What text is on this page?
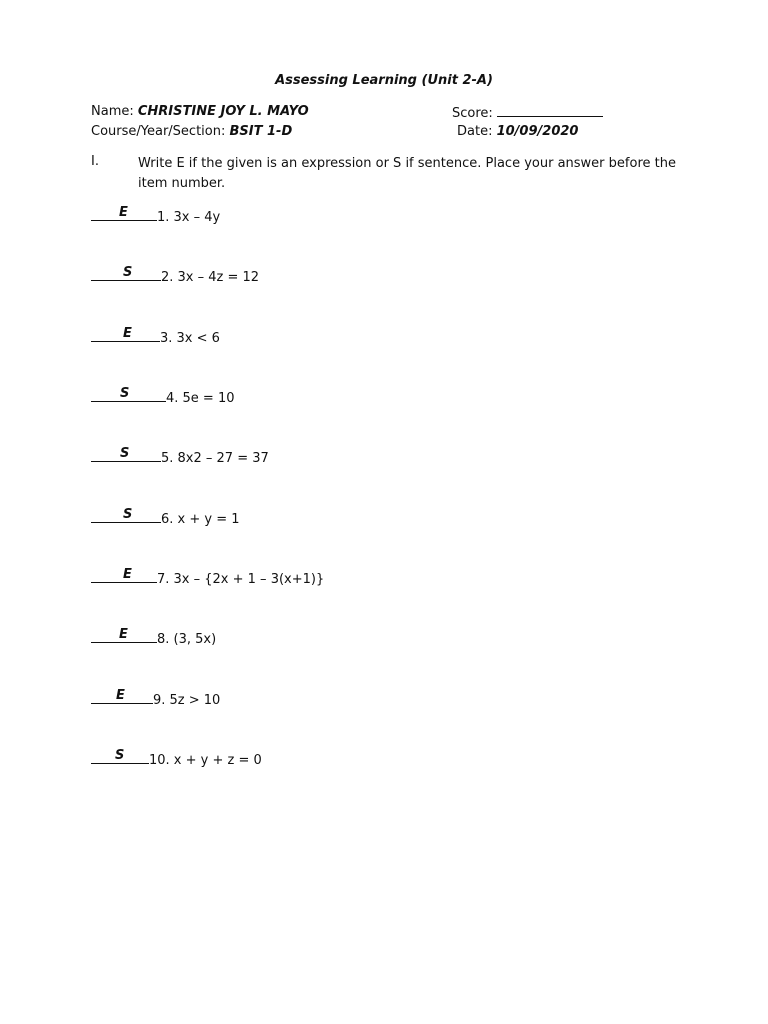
Assessing Learning (Unit 2-A)
Name: CHRISTINE JOY L. MAYO	Score:
Course/Year/Section: BSIT 1-D	Date: 10/09/2020
I.	Write E if the given is an expression or S if sentence. Place your answer before the item number.
E 1. 3x – 4y
S 2. 3x – 4z = 12
E 3. 3x < 6
S	4. 5e = 10
S 5. 8x2 – 27 = 37
S 6. x + y = 1
E 7. 3x – {2x + 1 – 3(x+1)}
E 8. (3, 5x)
E 9. 5z > 10
S 10. x + y + z = 0
